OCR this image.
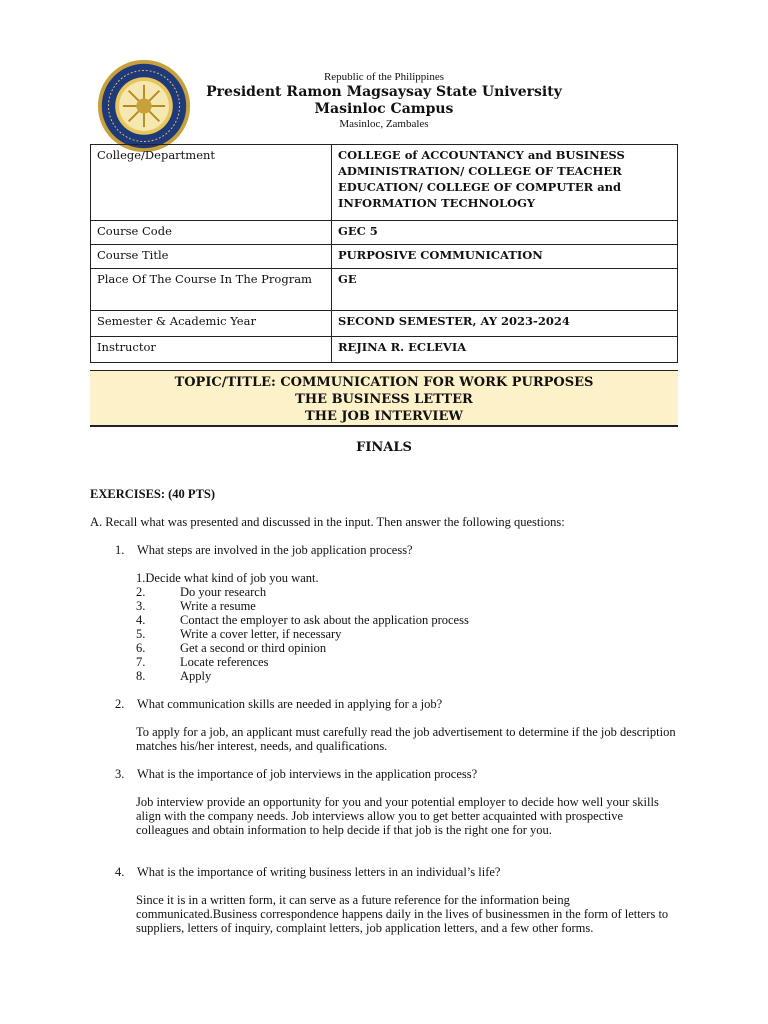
Republic of the Philippines
President Ramon Magsaysay State University
Masinloc Campus
Masinloc, Zambales
College/Department	COLLEGE of ACCOUNTANCY and BUSINESS ADMINISTRATION/ COLLEGE OF TEACHER EDUCATION/ COLLEGE OF COMPUTER and INFORMATION TECHNOLOGY
Course Code	GEC 5
Course Title	PURPOSIVE COMMUNICATION
Place Of The Course In The Program	GE
Semester & Academic Year	SECOND SEMESTER, AY 2023-2024
Instructor	REJINA R. ECLEVIA
TOPIC/TITLE: COMMUNICATION FOR WORK PURPOSES
THE BUSINESS LETTER
THE JOB INTERVIEW
FINALS
EXERCISES: (40 PTS)
A. Recall what was presented and discussed in the input. Then answer the following questions:
1. What steps are involved in the job application process?
1.Decide what kind of job you want.
2.	Do your research
3.	Write a resume
4.	Contact the employer to ask about the application process
5.	Write a cover letter, if necessary
6.	Get a second or third opinion
7.	Locate references
8.	Apply
2. What communication skills are needed in applying for a job?
To apply for a job, an applicant must carefully read the job advertisement to determine if the job description matches his/her interest, needs, and qualifications.
3. What is the importance of job interviews in the application process?
Job interview provide an opportunity for you and your potential employer to decide how well your skills align with the company needs. Job interviews allow you to get better acquainted with prospective colleagues and obtain information to help decide if that job is the right one for you.
4. What is the importance of writing business letters in an individual’s life?
Since it is in a written form, it can serve as a future reference for the information being communicated.Business correspondence happens daily in the lives of businessmen in the form of letters to suppliers, letters of inquiry, complaint letters, job application letters, and a few other forms.
